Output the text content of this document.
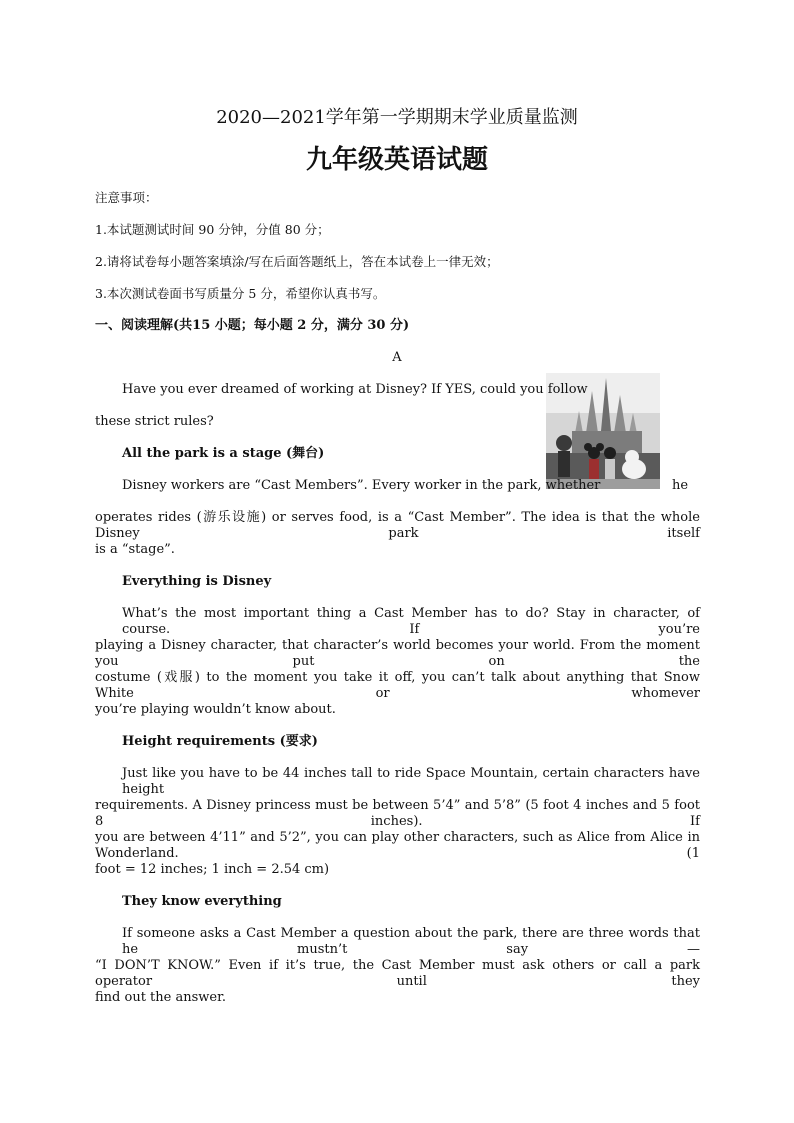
2020—2021学年第一学期期末学业质量监测
九年级英语试题
注意事项：
1.本试题测试时间 90 分钟，分值 80 分；
2.请将试卷每小题答案填涂/写在后面答题纸上，答在本试卷上一律无效；
3.本次测试卷面书写质量分 5 分，希望你认真书写。
一、阅读理解(共15 小题；每小题 2 分，满分 30 分)
A
Have you ever dreamed of working at Disney? If YES, could you follow
these strict rules?
All the park is a stage (舞台)
Disney workers are “Cast Members”. Every worker in the park, whether	he
operates rides (游乐设施) or serves food, is a “Cast Member”. The idea is that the whole Disney park itself
is a “stage”.
Everything is Disney
What’s the most important thing a Cast Member has to do? Stay in character, of course. If you’re
playing a Disney character, that character’s world becomes your world. From the moment you put on the
costume (戏服) to the moment you take it off, you can’t talk about anything that Snow White or whomever
you’re playing wouldn’t know about.
Height requirements (要求)
Just like you have to be 44 inches tall to ride Space Mountain, certain characters have height
requirements. A Disney princess must be between 5’4” and 5’8” (5 foot 4 inches and 5 foot 8 inches). If
you are between 4’11” and 5’2”, you can play other characters, such as Alice from Alice in Wonderland. (1
foot = 12 inches; 1 inch = 2.54 cm)
They know everything
If someone asks a Cast Member a question about the park, there are three words that he mustn’t say —
“I DON’T KNOW.” Even if it’s true, the Cast Member must ask others or call a park operator until they
find out the answer.
